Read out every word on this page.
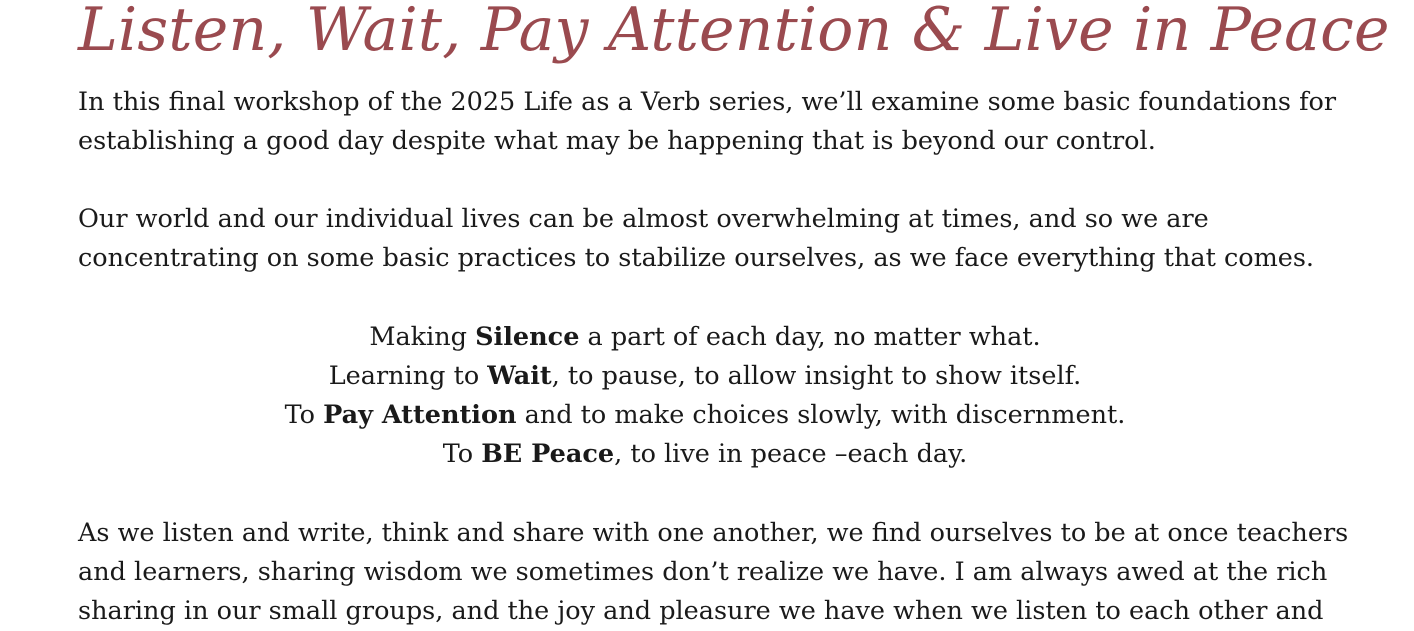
Listen, Wait, Pay Attention & Live in Peace

In this final workshop of the 2025 Life as a Verb series, we’ll examine some basic foundations for
establishing a good day despite what may be happening that is beyond our control.

Our world and our individual lives can be almost overwhelming at times, and so we are
concentrating on some basic practices to stabilize ourselves, as we face everything that comes.

Making Silence a part of each day, no matter what.
Learning to Wait, to pause, to allow insight to show itself.
To Pay Attention and to make choices slowly, with discernment.
To BE Peace, to live in peace –each day.

As we listen and write, think and share with one another, we find ourselves to be at once teachers
and learners, sharing wisdom we sometimes don’t realize we have. I am always awed at the rich
sharing in our small groups, and the joy and pleasure we have when we listen to each other and
